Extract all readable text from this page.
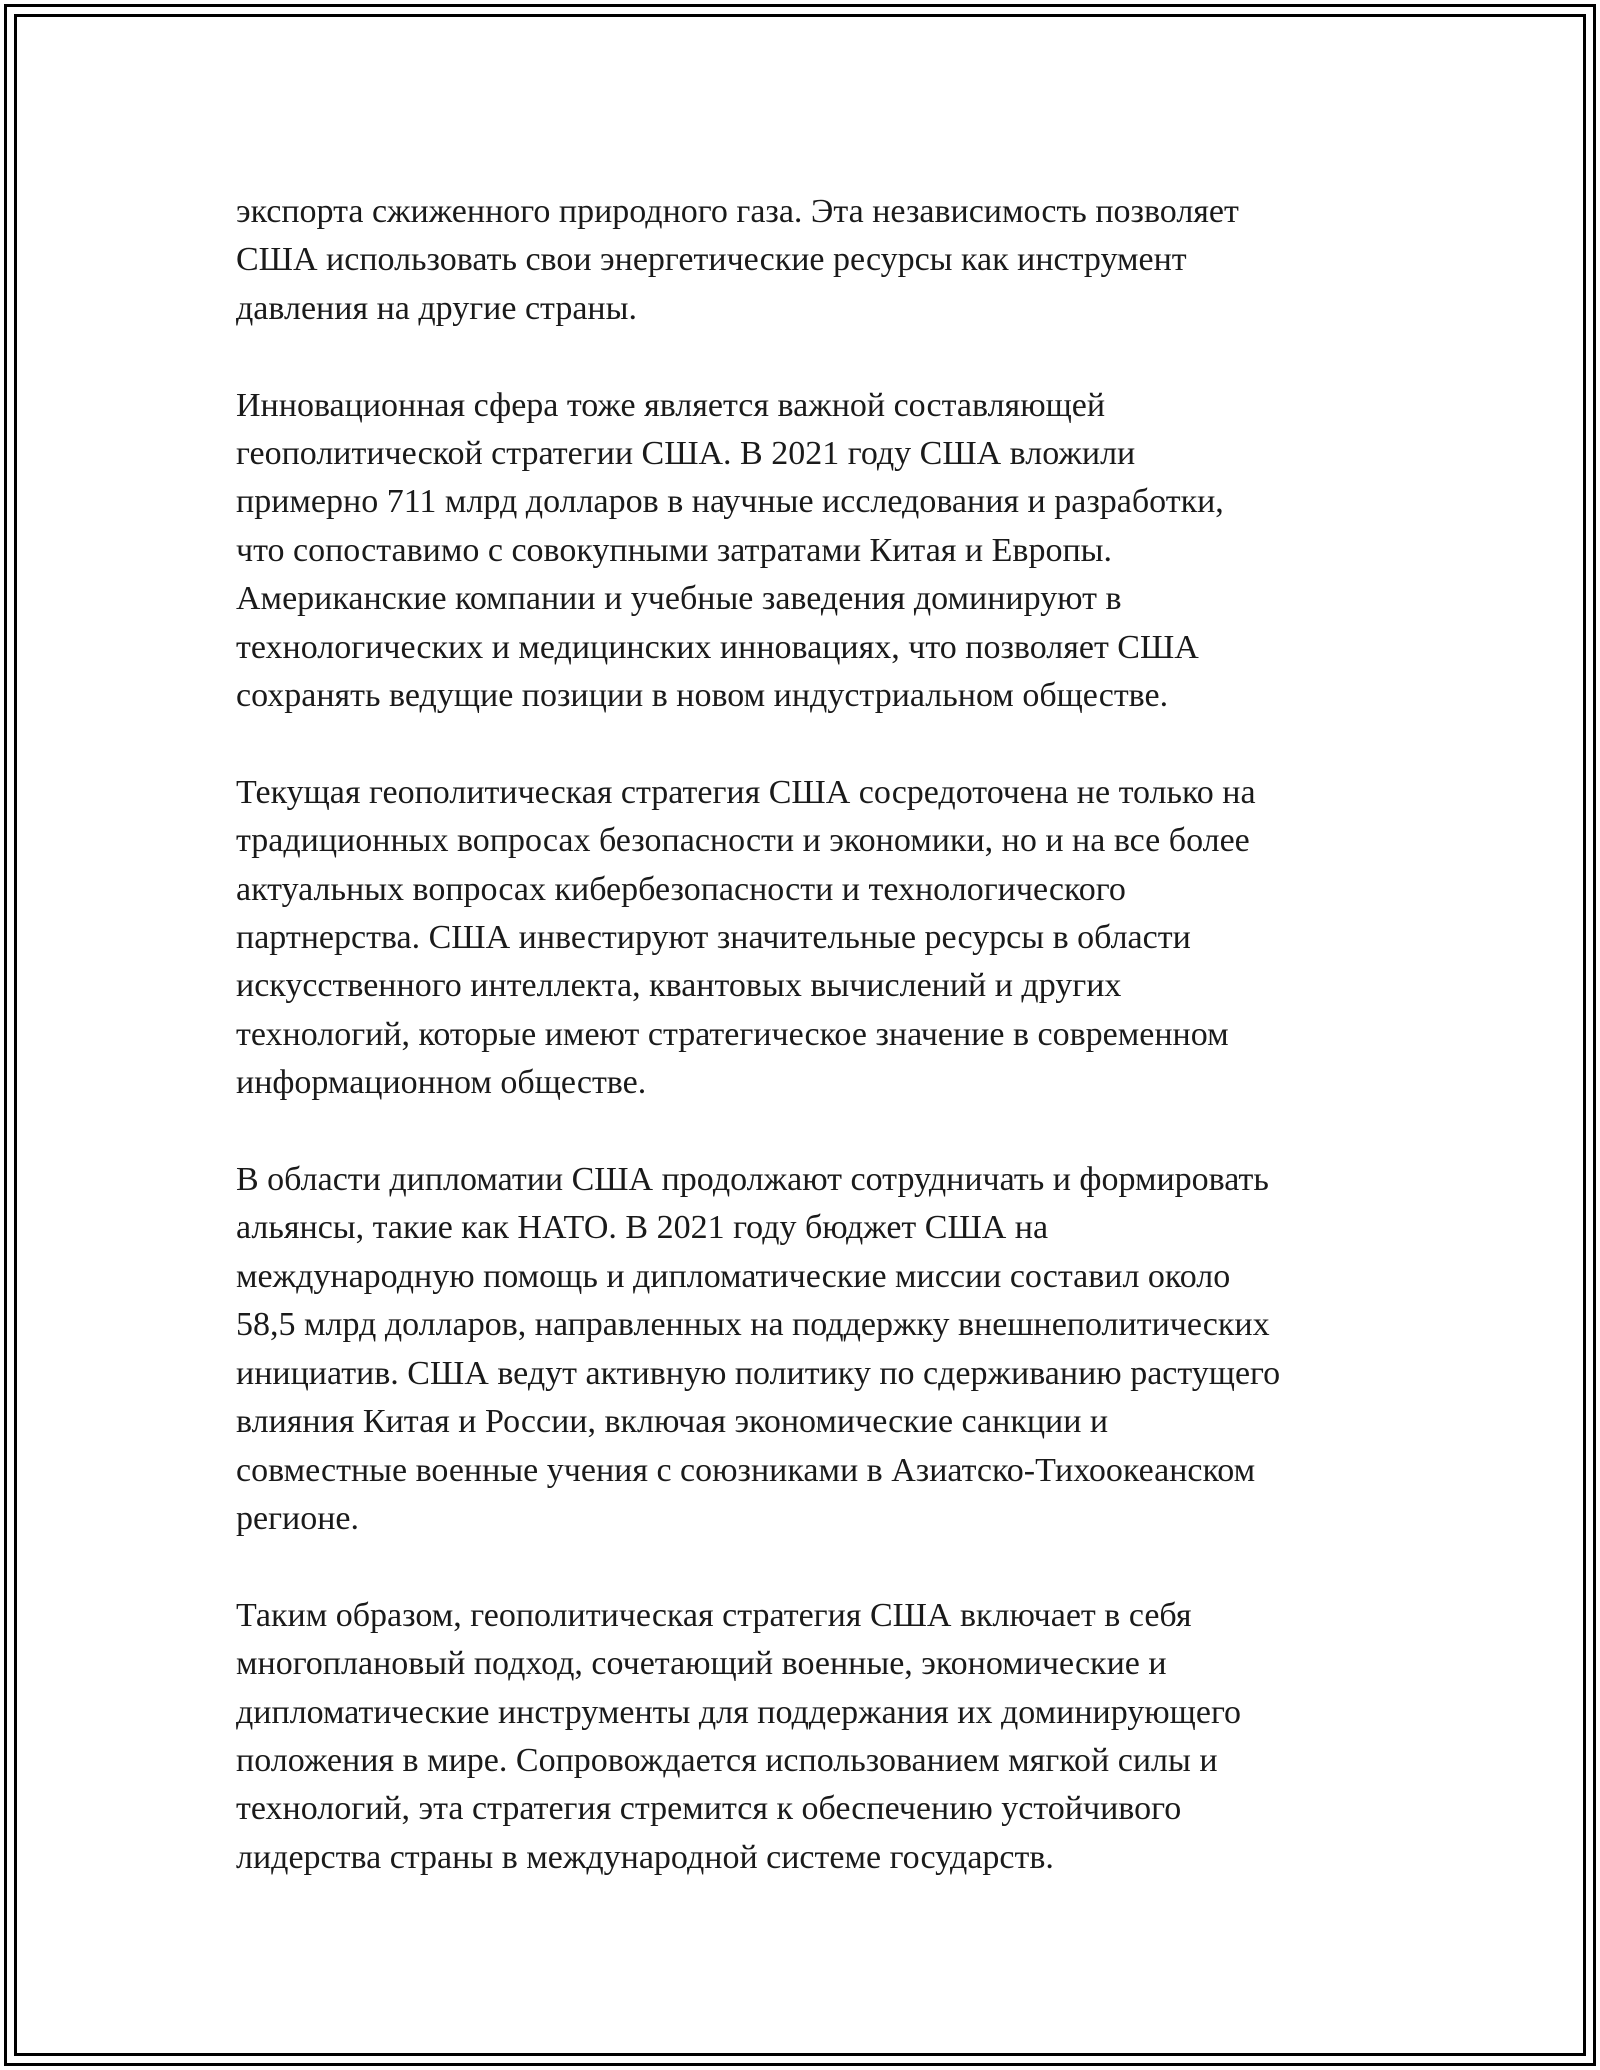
экспорта сжиженного природного газа. Эта независимость позволяет
США использовать свои энергетические ресурсы как инструмент
давления на другие страны.

Инновационная сфера тоже является важной составляющей
геополитической стратегии США. В 2021 году США вложили
примерно 711 млрд долларов в научные исследования и разработки,
что сопоставимо с совокупными затратами Китая и Европы.
Американские компании и учебные заведения доминируют в
технологических и медицинских инновациях, что позволяет США
сохранять ведущие позиции в новом индустриальном обществе.

Текущая геополитическая стратегия США сосредоточена не только на
традиционных вопросах безопасности и экономики, но и на все более
актуальных вопросах кибербезопасности и технологического
партнерства. США инвестируют значительные ресурсы в области
искусственного интеллекта, квантовых вычислений и других
технологий, которые имеют стратегическое значение в современном
информационном обществе.

В области дипломатии США продолжают сотрудничать и формировать
альянсы, такие как НАТО. В 2021 году бюджет США на
международную помощь и дипломатические миссии составил около
58,5 млрд долларов, направленных на поддержку внешнеполитических
инициатив. США ведут активную политику по сдерживанию растущего
влияния Китая и России, включая экономические санкции и
совместные военные учения с союзниками в Азиатско-Тихоокеанском
регионе.

Таким образом, геополитическая стратегия США включает в себя
многоплановый подход, сочетающий военные, экономические и
дипломатические инструменты для поддержания их доминирующего
положения в мире. Сопровождается использованием мягкой силы и
технологий, эта стратегия стремится к обеспечению устойчивого
лидерства страны в международной системе государств.
